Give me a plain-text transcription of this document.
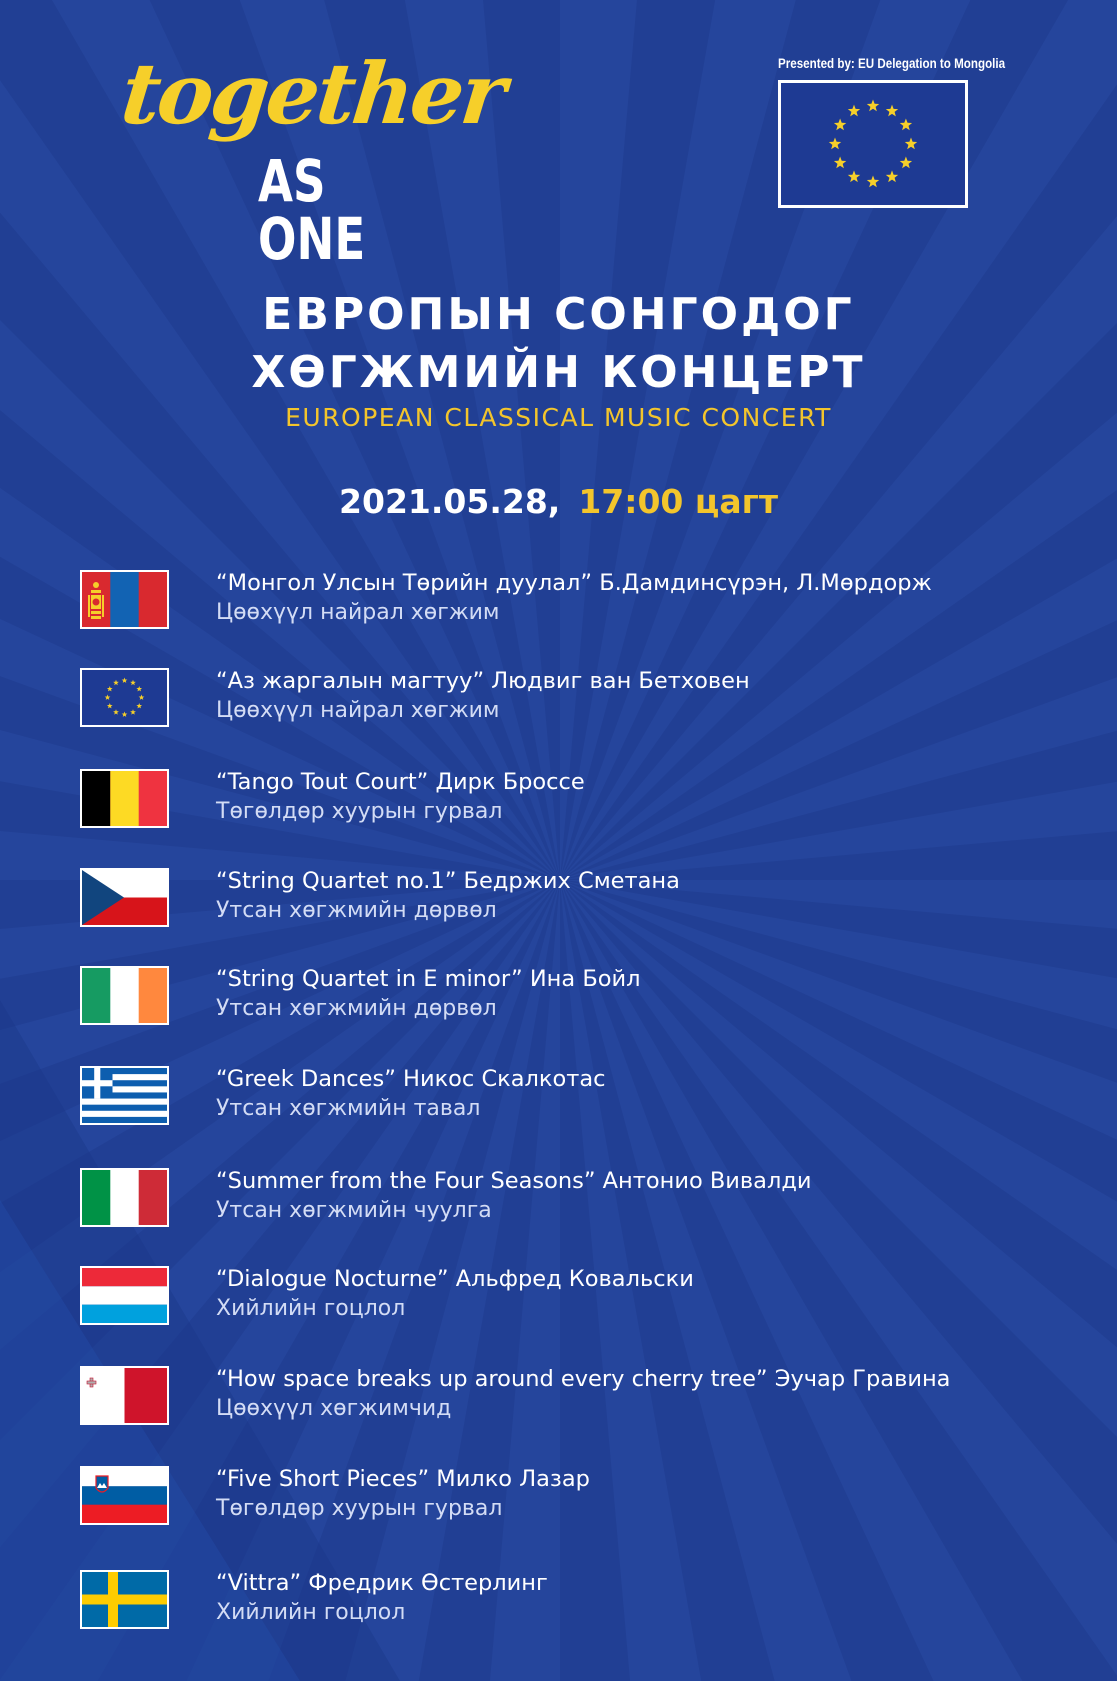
together
AS ONE
Presented by: EU Delegation to Mongolia
ЕВРОПЫН СОНГОДОГ
ХӨГЖМИЙН КОНЦЕРТ
EUROPEAN CLASSICAL MUSIC CONCERT
2021.05.28, 17:00 цагт
“Монгол Улсын Төрийн дуулал” Б.Дамдинсүрэн, Л.Мөрдорж
Цөөхүүл найрал хөгжим
“Аз жаргалын магтуу” Людвиг ван Бетховен
Цөөхүүл найрал хөгжим
“Tango Tout Court” Дирк Броссе
Төгөлдөр хуурын гурвал
“String Quartet no.1” Бедржих Сметана
Утсан хөгжмийн дөрвөл
“String Quartet in E minor” Ина Бойл
Утсан хөгжмийн дөрвөл
“Greek Dances” Никос Скалкотас
Утсан хөгжмийн тавал
“Summer from the Four Seasons” Антонио Вивалди
Утсан хөгжмийн чуулга
“Dialogue Nocturne” Альфред Ковальски
Хийлийн гоцлол
“How space breaks up around every cherry tree” Эучар Гравина
Цөөхүүл хөгжимчид
“Five Short Pieces” Милко Лазар
Төгөлдөр хуурын гурвал
“Vittra” Фредрик Өстерлинг
Хийлийн гоцлол
